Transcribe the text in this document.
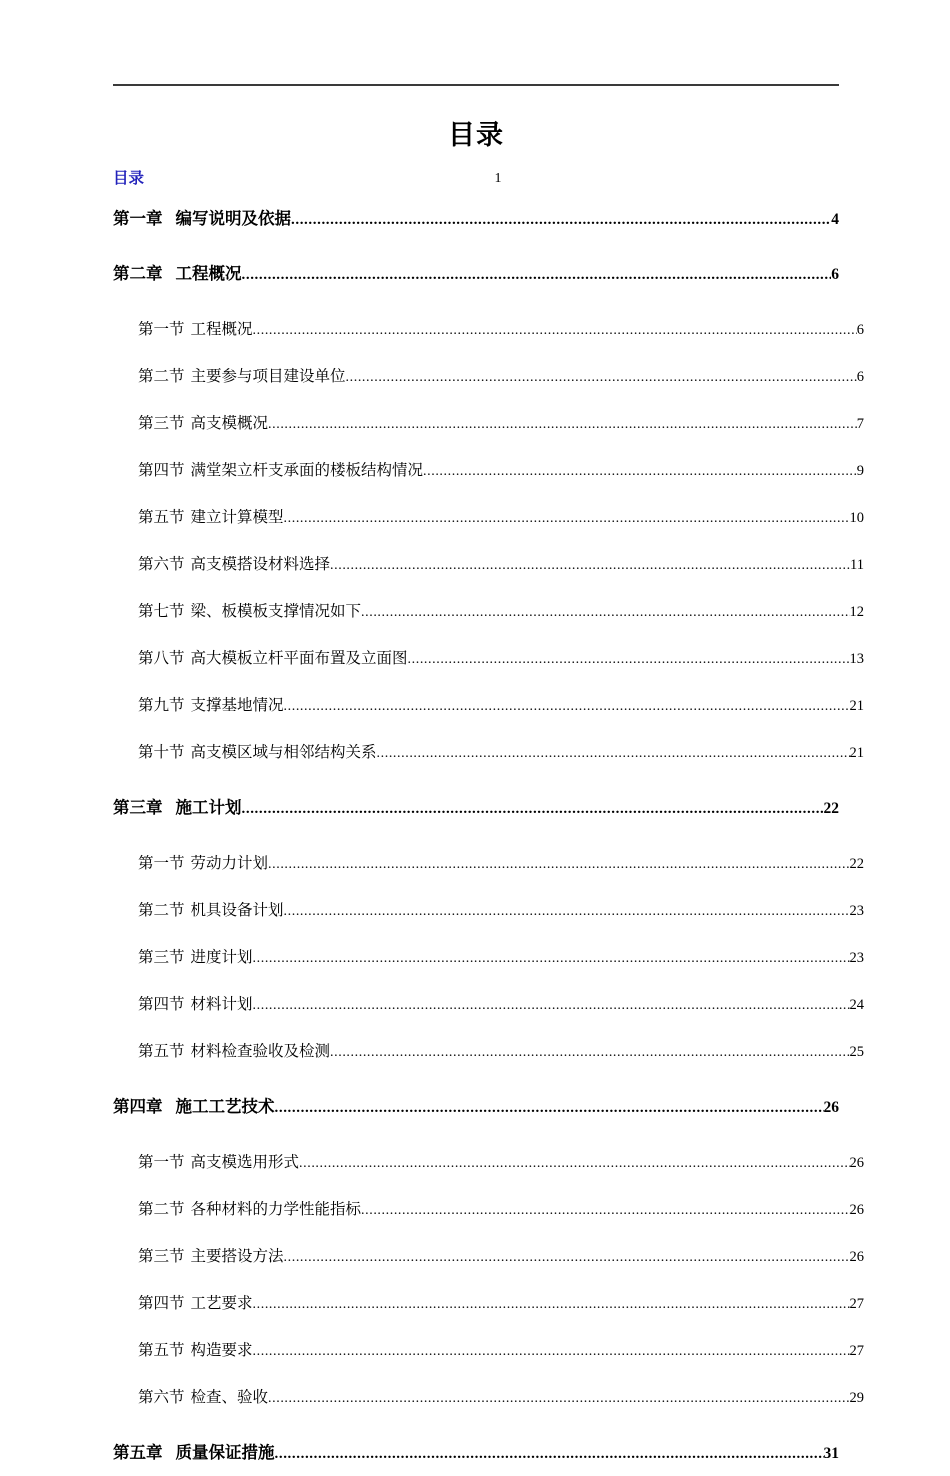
目录
目录	1
第一章 编写说明及依据 .....	4
第二章 工程概况 .....	6
第一节 工程概况 .....	6
第二节 主要参与项目建设单位 .....	6
第三节 高支模概况 .....	7
第四节 满堂架立杆支承面的楼板结构情况 .....	9
第五节 建立计算模型 .....	10
第六节 高支模搭设材料选择 .....	11
第七节 梁、板模板支撑情况如下 .....	12
第八节 高大模板立杆平面布置及立面图 .....	13
第九节 支撑基地情况 .....	21
第十节 高支模区域与相邻结构关系 .....	21
第三章 施工计划 .....	22
第一节 劳动力计划 .....	22
第二节 机具设备计划 .....	23
第三节 进度计划 .....	23
第四节 材料计划 .....	24
第五节 材料检查验收及检测 .....	25
第四章 施工工艺技术 .....	26
第一节 高支模选用形式 .....	26
第二节 各种材料的力学性能指标 .....	26
第三节 主要搭设方法 .....	26
第四节 工艺要求 .....	27
第五节 构造要求 .....	27
第六节 检查、验收 .....	29
第五章 质量保证措施 .....	31
